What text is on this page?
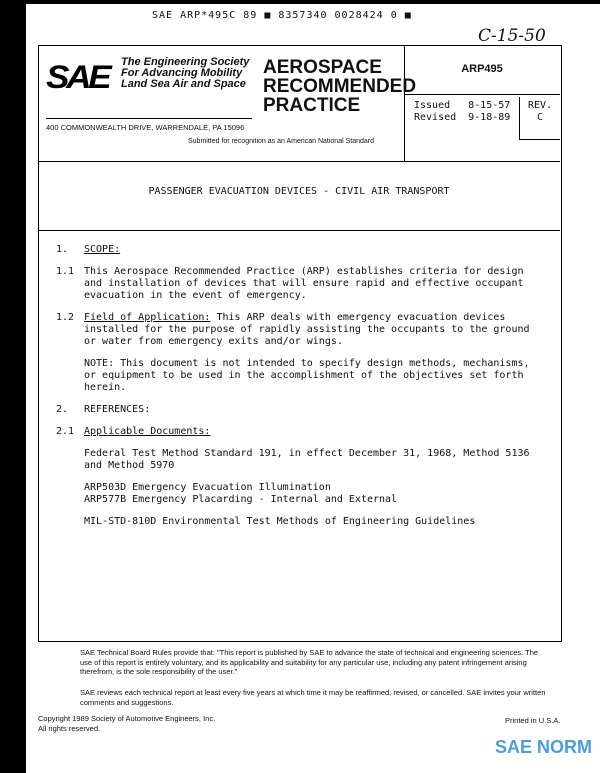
SAE ARP*495C 89 ■ 8357340 0028424 0 ■
C-15-50
SAE The Engineering Society
For Advancing Mobility
Land Sea Air and Space
400 COMMONWEALTH DRIVE, WARRENDALE, PA 15096
AEROSPACE
RECOMMENDED
PRACTICE
Submitted for recognition as an American National Standard
ARP495
Issued   8-15-57
Revised  9-18-89
REV.
C
PASSENGER EVACUATION DEVICES - CIVIL AIR TRANSPORT
1.	SCOPE:
1.1 This Aerospace Recommended Practice (ARP) establishes criteria for design and installation of devices that will ensure rapid and effective occupant evacuation in the event of emergency.
1.2 Field of Application: This ARP deals with emergency evacuation devices installed for the purpose of rapidly assisting the occupants to the ground or water from emergency exits and/or wings.
NOTE: This document is not intended to specify design methods, mechanisms, or equipment to be used in the accomplishment of the objectives set forth herein.
2.	REFERENCES:
2.1 Applicable Documents:
Federal Test Method Standard 191, in effect December 31, 1968, Method 5136 and Method 5970
ARP503D Emergency Evacuation Illumination
ARP577B Emergency Placarding - Internal and External
MIL-STD-810D Environmental Test Methods of Engineering Guidelines
SAE Technical Board Rules provide that: "This report is published by SAE to advance the state of technical and engineering sciences. The use of this report is entirely voluntary, and its applicability and suitability for any particular use, including any patent infringement arising therefrom, is the sole responsibility of the user."
SAE reviews each technical report at least every five years at which time it may be reaffirmed, revised, or cancelled. SAE invites your written comments and suggestions.
Copyright 1989 Society of Automotive Engineers, Inc.
All rights reserved.
Printed in U.S.A.
SAE NORM
